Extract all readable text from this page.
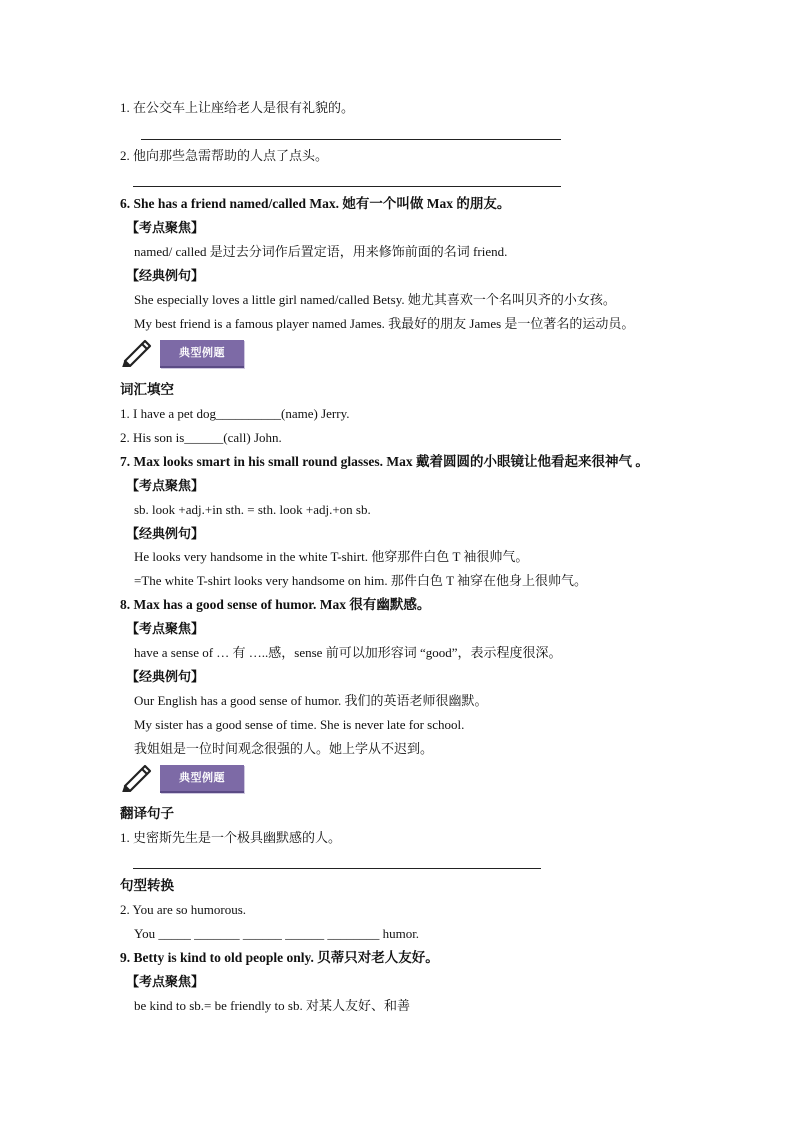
1. 在公交车上让座给老人是很有礼貌的。
2. 他向那些急需帮助的人点了点头。
6. She has a friend named/called Max. 她有一个叫做 Max 的朋友。
【考点聚焦】
named/ called 是过去分词作后置定语，用来修饰前面的名词 friend.
【经典例句】
She especially loves a little girl named/called Betsy. 她尤其喜欢一个名叫贝齐的小女孩。
My best friend is a famous player named James. 我最好的朋友 James 是一位著名的运动员。
典型例题
词汇填空
1. I have a pet dog__________(name) Jerry.
2. His son is______(call) John.
7. Max looks smart in his small round glasses. Max 戴着圆圆的小眼镜让他看起来很神气 。
【考点聚焦】
sb. look +adj.+in sth. = sth. look +adj.+on sb.
【经典例句】
He looks very handsome in the white T-shirt. 他穿那件白色 T 袖很帅气。
=The white T-shirt looks very handsome on him. 那件白色 T 袖穿在他身上很帅气。
8. Max has a good sense of humor. Max 很有幽默感。
【考点聚焦】
have a sense of … 有 …..感，sense 前可以加形容词 “good”，表示程度很深。
【经典例句】
Our English has a good sense of humor. 我们的英语老师很幽默。
My sister has a good sense of time. She is never late for school.
我姐姐是一位时间观念很强的人。她上学从不迟到。
典型例题
翻译句子
1. 史密斯先生是一个极具幽默感的人。
句型转换
2. You are so humorous.
You _____ _______ ______ ______ ________ humor.
9. Betty is kind to old people only. 贝蒂只对老人友好。
【考点聚焦】
be kind to sb.= be friendly to sb. 对某人友好、和善
